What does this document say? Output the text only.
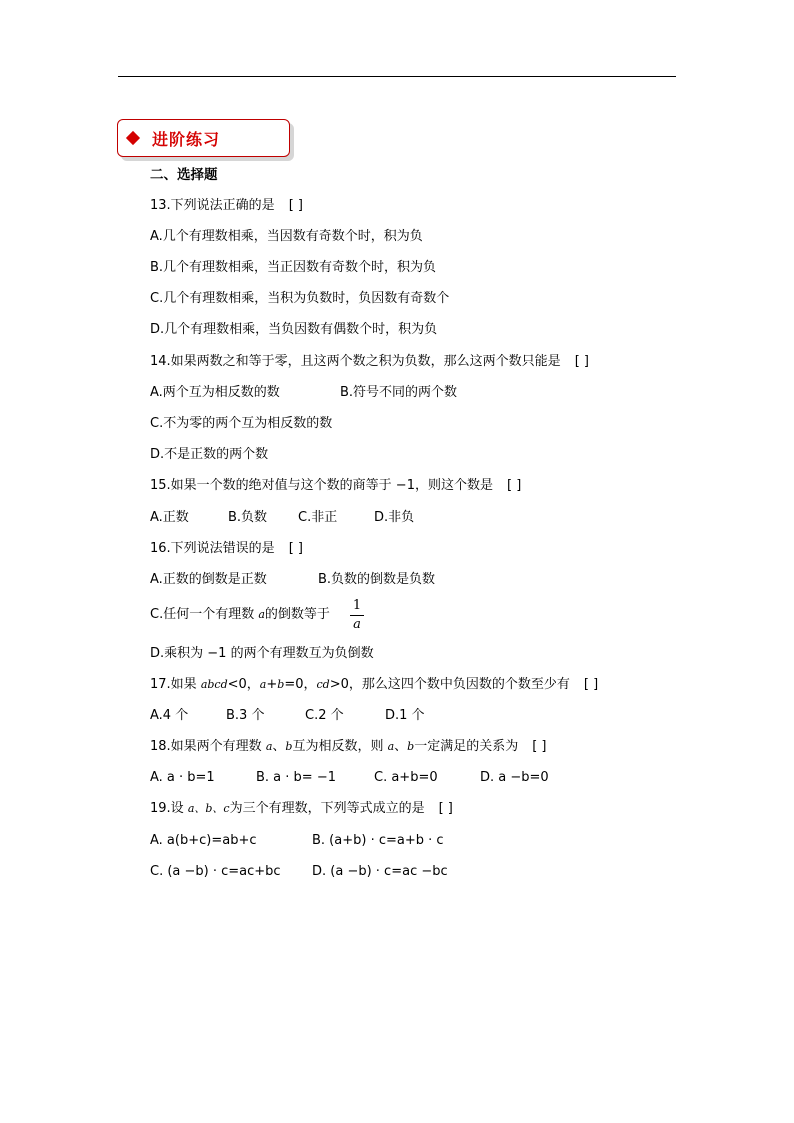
进阶练习
二、选择题
13.下列说法正确的是 [ ]
A.几个有理数相乘，当因数有奇数个时，积为负
B.几个有理数相乘，当正因数有奇数个时，积为负
C.几个有理数相乘，当积为负数时，负因数有奇数个
D.几个有理数相乘，当负因数有偶数个时，积为负
14.如果两数之和等于零，且这两个数之积为负数，那么这两个数只能是 [ ]
A.两个互为相反数的数	B.符号不同的两个数
C.不为零的两个互为相反数的数
D.不是正数的两个数
15.如果一个数的绝对值与这个数的商等于 −1，则这个数是 [ ]
A.正数	B.负数 C.非正	D.非负
16.下列说法错误的是 [ ]
A.正数的倒数是正数	B.负数的倒数是负数
C.任何一个有理数 a的倒数等于
1
a
D.乘积为 −1 的两个有理数互为负倒数
17.如果 abcd<0，a+b=0，cd>0，那么这四个数中负因数的个数至少有 [ ]
A.4 个	B.3 个	C.2 个	D.1 个
18.如果两个有理数 a、b互为相反数，则 a、b一定满足的关系为 [ ]
A. a · b=1	B. a · b= −1	C. a+b=0	D. a −b=0
19.设 a、b、c为三个有理数，下列等式成立的是 [ ]
A. a(b+c)=ab+c	B. (a+b) · c=a+b · c
C. (a −b) · c=ac+bc D. (a −b) · c=ac −bc
